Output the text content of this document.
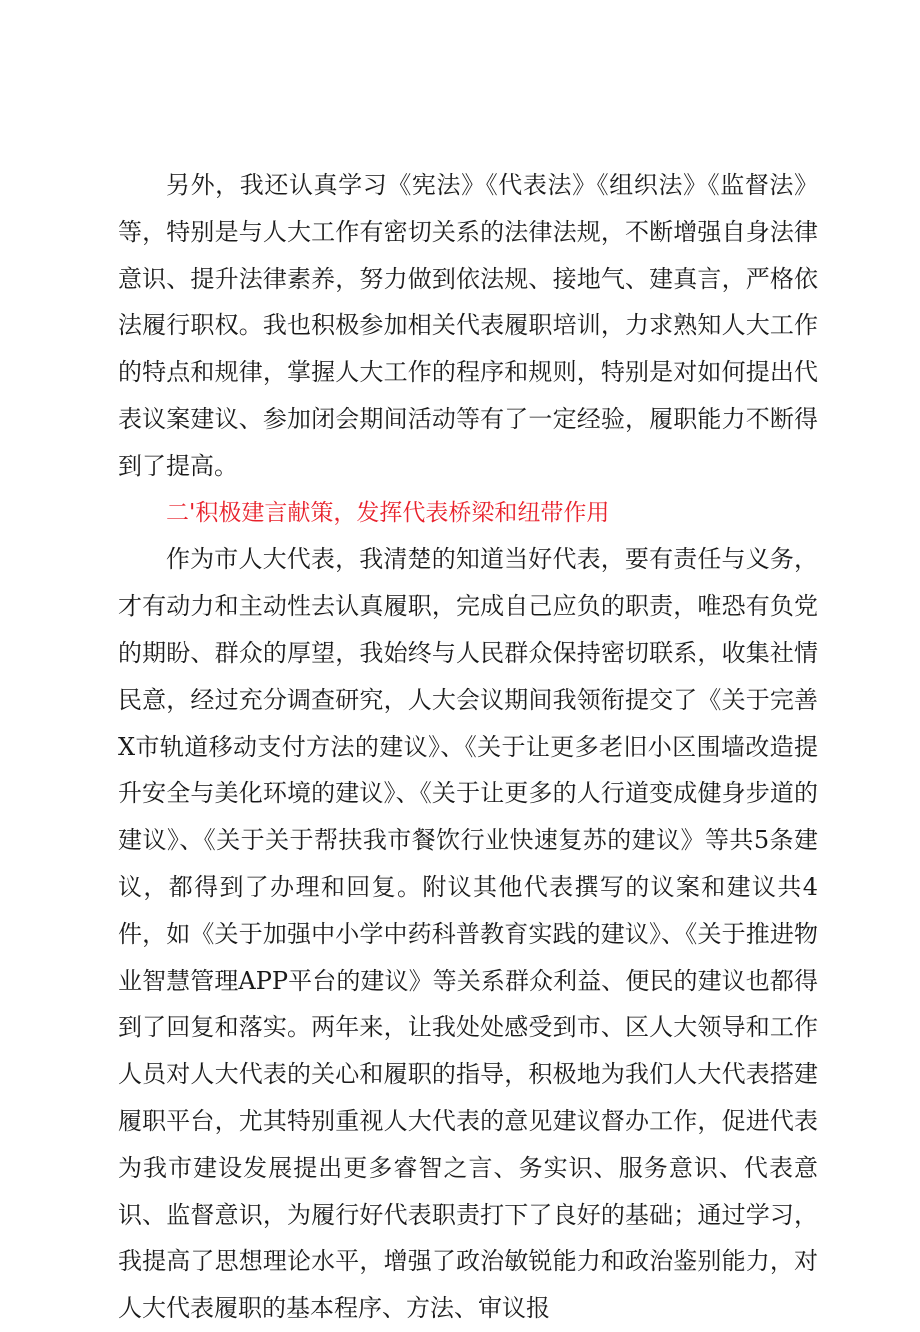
另外，我还认真学习《宪法》《代表法》《组织法》《监督法》等，特别是与人大工作有密切关系的法律法规，不断增强自身法律意识、提升法律素养，努力做到依法规、接地气、建真言，严格依法履行职权。我也积极参加相关代表履职培训，力求熟知人大工作的特点和规律，掌握人大工作的程序和规则，特别是对如何提出代表议案建议、参加闭会期间活动等有了一定经验，履职能力不断得到了提高。

二'积极建言献策，发挥代表桥梁和纽带作用

作为市人大代表，我清楚的知道当好代表，要有责任与义务，才有动力和主动性去认真履职，完成自己应负的职责，唯恐有负党的期盼、群众的厚望，我始终与人民群众保持密切联系，收集社情民意，经过充分调查研究，人大会议期间我领衔提交了《关于完善X市轨道移动支付方法的建议》、《关于让更多老旧小区围墙改造提升安全与美化环境的建议》、《关于让更多的人行道变成健身步道的建议》、《关于关于帮扶我市餐饮行业快速复苏的建议》等共5条建议，都得到了办理和回复。附议其他代表撰写的议案和建议共4件，如《关于加强中小学中药科普教育实践的建议》、《关于推进物业智慧管理APP平台的建议》等关系群众利益、便民的建议也都得到了回复和落实。两年来，让我处处感受到市、区人大领导和工作人员对人大代表的关心和履职的指导，积极地为我们人大代表搭建履职平台，尤其特别重视人大代表的意见建议督办工作，促进代表为我市建设发展提出更多睿智之言、务实识、服务意识、代表意识、监督意识，为履行好代表职责打下了良好的基础；通过学习，我提高了思想理论水平，增强了政治敏锐能力和政治鉴别能力，对人大代表履职的基本程序、方法、审议报
